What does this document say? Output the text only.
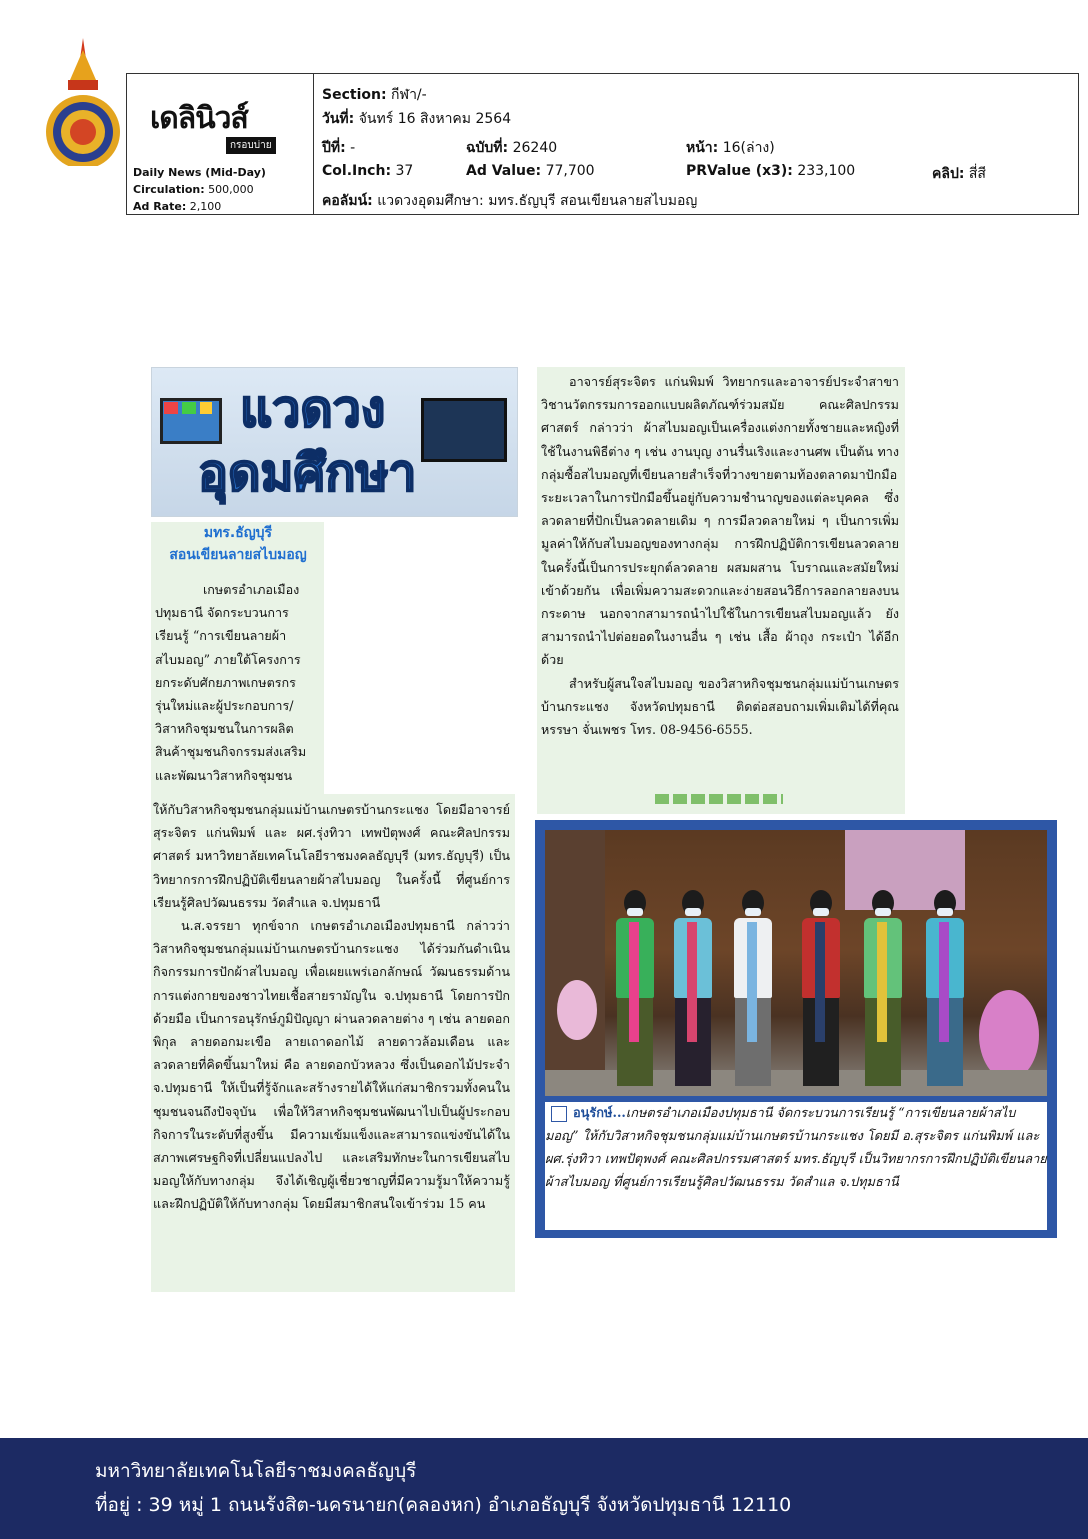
เดลินิวส์
กรอบบ่าย
Daily News (Mid-Day)
Circulation: 500,000
Ad Rate: 2,100
Section: กีฬา/-
วันที่: จันทร์ 16 สิงหาคม 2564
ปีที่: -	ฉบับที่: 26240	หน้า: 16(ล่าง)
Col.Inch: 37	Ad Value: 77,700	PRValue (x3): 233,100	คลิป: สี่สี
คอลัมน์: แวดวงอุดมศึกษา: มทร.ธัญบุรี สอนเขียนลายสไบมอญ
แวดวง
อุดมศึกษา
มทร.ธัญบุรี
สอนเขียนลายสไบมอญ
เกษตรอำเภอเมือง
ปทุมธานี จัดกระบวนการ
เรียนรู้ “การเขียนลายผ้า
สไบมอญ” ภายใต้โครงการ
ยกระดับศักยภาพเกษตรกร
รุ่นใหม่และผู้ประกอบการ/
วิสาหกิจชุมชนในการผลิต
สินค้าชุมชนกิจกรรมส่งเสริม
และพัฒนาวิสาหกิจชุมชน
ให้กับวิสาหกิจชุมชนกลุ่มแม่บ้านเกษตรบ้านกระแชง โดยมีอาจารย์สุระจิตร แก่นพิมพ์ และ ผศ.รุ่งทิวา เทพปัตุพงศ์ คณะศิลปกรรมศาสตร์ มหาวิทยาลัยเทคโนโลยีราชมงคลธัญบุรี (มทร.ธัญบุรี) เป็นวิทยากรการฝึกปฏิบัติเขียนลายผ้าสไบมอญ ในครั้งนี้ ที่ศูนย์การเรียนรู้ศิลปวัฒนธรรม วัดสำแล จ.ปทุมธานี
น.ส.จรรยา ทุกข์จาก เกษตรอำเภอเมืองปทุมธานี กล่าวว่า วิสาหกิจชุมชนกลุ่มแม่บ้านเกษตรบ้านกระแชง ได้ร่วมกันดำเนินกิจกรรมการปักผ้าสไบมอญ เพื่อเผยแพร่เอกลักษณ์ วัฒนธรรมด้านการแต่งกายของชาวไทยเชื้อสายรามัญใน จ.ปทุมธานี โดยการปักด้วยมือ เป็นการอนุรักษ์ภูมิปัญญา ผ่านลวดลายต่าง ๆ เช่น ลายดอกพิกุล ลายดอกมะเขือ ลายเถาดอกไม้ ลายดาวล้อมเดือน และลวดลายที่คิดขึ้นมาใหม่ คือ ลายดอกบัวหลวง ซึ่งเป็นดอกไม้ประจำ จ.ปทุมธานี ให้เป็นที่รู้จักและสร้างรายได้ให้แก่สมาชิกรวมทั้งคนในชุมชนจนถึงปัจจุบัน เพื่อให้วิสาหกิจชุมชนพัฒนาไปเป็นผู้ประกอบกิจการในระดับที่สูงขึ้น มีความเข้มแข็งและสามารถแข่งขันได้ในสภาพเศรษฐกิจที่เปลี่ยนแปลงไป และเสริมทักษะในการเขียนสไบมอญให้กับทางกลุ่ม จึงได้เชิญผู้เชี่ยวชาญที่มีความรู้มาให้ความรู้และฝึกปฏิบัติให้กับทางกลุ่ม โดยมีสมาชิกสนใจเข้าร่วม 15 คน
อาจารย์สุระจิตร แก่นพิมพ์ วิทยากรและอาจารย์ประจำสาขาวิชานวัตกรรมการออกแบบผลิตภัณฑ์ร่วมสมัย คณะศิลปกรรมศาสตร์ กล่าวว่า ผ้าสไบมอญเป็นเครื่องแต่งกายทั้งชายและหญิงที่ใช้ในงานพิธีต่าง ๆ เช่น งานบุญ งานรื่นเริงและงานศพ เป็นต้น ทางกลุ่มซื้อสไบมอญที่เขียนลายสำเร็จที่วางขายตามท้องตลาดมาปักมือ ระยะเวลาในการปักมือขึ้นอยู่กับความชำนาญของแต่ละบุคคล ซึ่งลวดลายที่ปักเป็นลวดลายเดิม ๆ การมีลวดลายใหม่ ๆ เป็นการเพิ่มมูลค่าให้กับสไบมอญของทางกลุ่ม การฝึกปฏิบัติการเขียนลวดลายในครั้งนี้เป็นการประยุกต์ลวดลาย ผสมผสาน โบราณและสมัยใหม่เข้าด้วยกัน เพื่อเพิ่มความสะดวกและง่ายสอนวิธีการลอกลายลงบนกระดาษ นอกจากสามารถนำไปใช้ในการเขียนสไบมอญแล้ว ยังสามารถนำไปต่อยอดในงานอื่น ๆ เช่น เสื้อ ผ้าถุง กระเป๋า ได้อีกด้วย
สำหรับผู้สนใจสไบมอญ ของวิสาหกิจชุมชนกลุ่มแม่บ้านเกษตรบ้านกระแชง จังหวัดปทุมธานี ติดต่อสอบถามเพิ่มเติมได้ที่คุณหรรษา จั่นเพชร โทร. 08-9456-6555.
อนุรักษ์...เกษตรอำเภอเมืองปทุมธานี จัดกระบวนการเรียนรู้ “การเขียนลายผ้าสไบมอญ” ให้กับวิสาหกิจชุมชนกลุ่มแม่บ้านเกษตรบ้านกระแชง โดยมี อ.สุระจิตร แก่นพิมพ์ และ ผศ.รุ่งทิวา เทพปัตุพงศ์ คณะศิลปกรรมศาสตร์ มทร.ธัญบุรี เป็นวิทยากรการฝึกปฏิบัติเขียนลายผ้าสไบมอญ ที่ศูนย์การเรียนรู้ศิลปวัฒนธรรม วัดสำแล จ.ปทุมธานี
มหาวิทยาลัยเทคโนโลยีราชมงคลธัญบุรี
ที่อยู่ : 39 หมู่ 1 ถนนรังสิต-นครนายก(คลองหก) อำเภอธัญบุรี จังหวัดปทุมธานี 12110
